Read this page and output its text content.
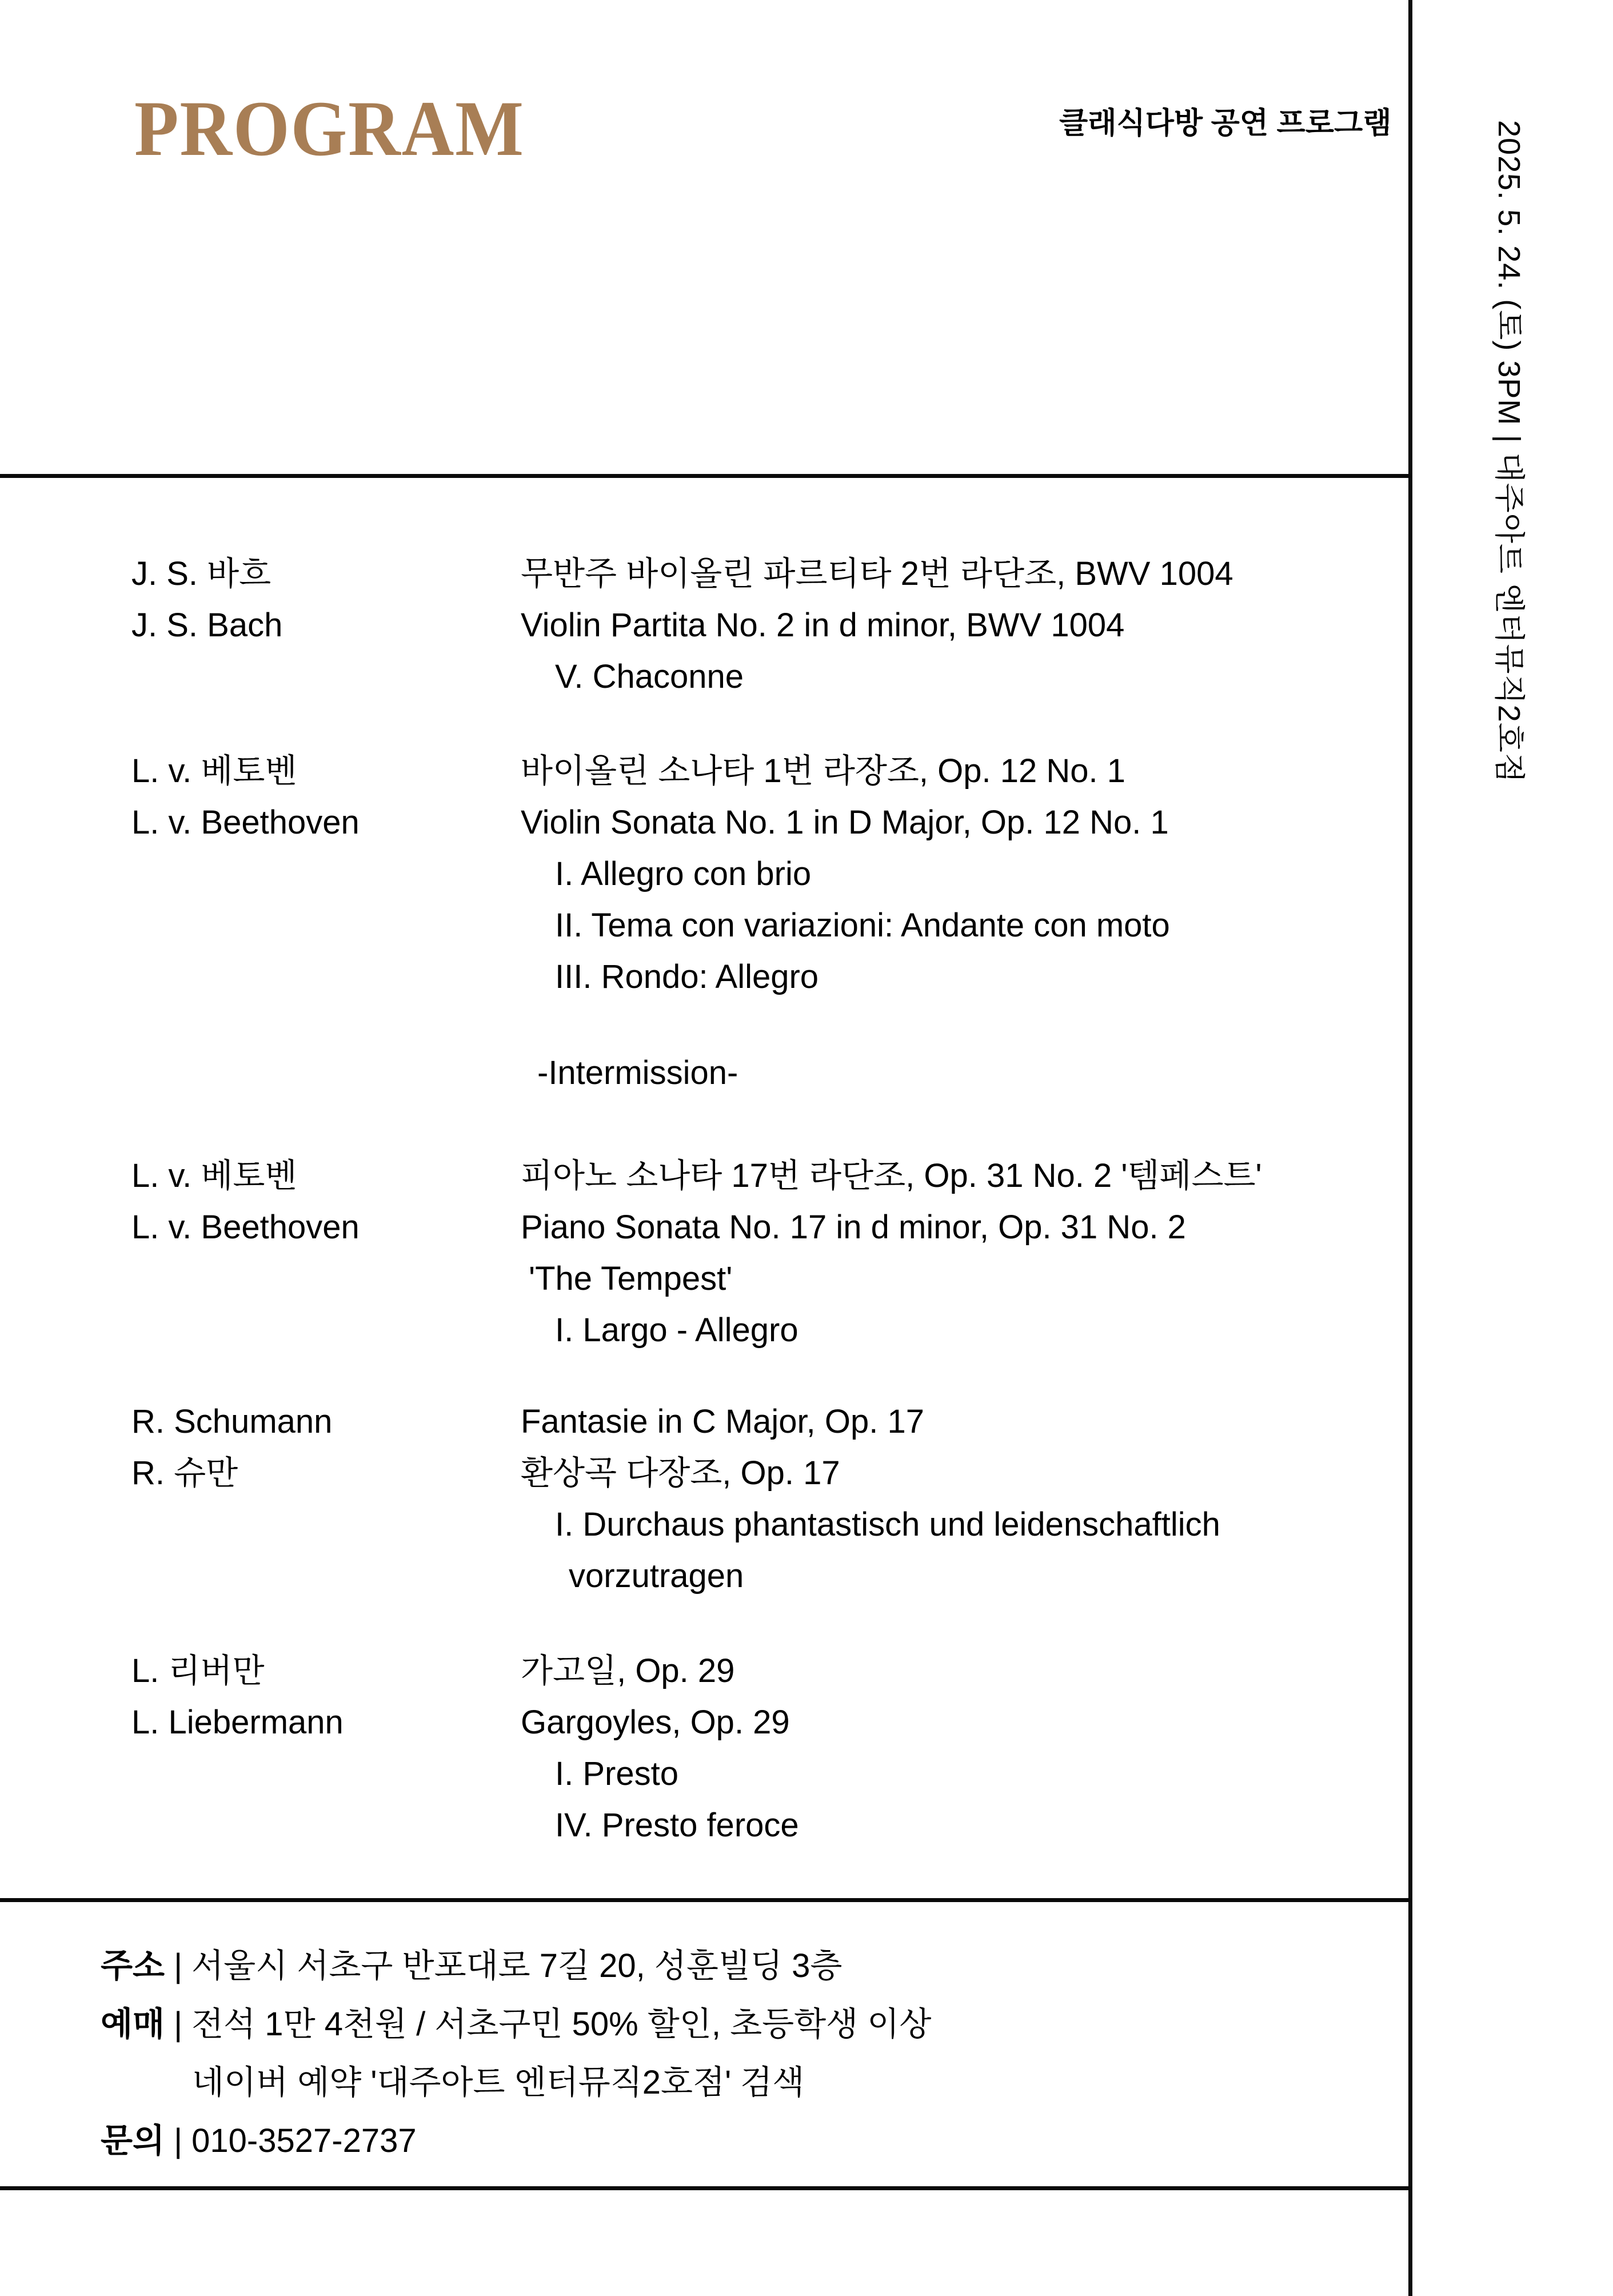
PROGRAM	클래식다방 공연 프로그램	2025. 5. 24. (토) 3PM | 대주아트 엔터뮤직2호점
J. S. 바흐
J. S. Bach
무반주 바이올린 파르티타 2번 라단조, BWV 1004
Violin Partita No. 2 in d minor, BWV 1004
V. Chaconne
L. v. 베토벤
L. v. Beethoven
바이올린 소나타 1번 라장조, Op. 12 No. 1
Violin Sonata No. 1 in D Major, Op. 12 No. 1
I. Allegro con brio
II. Tema con variazioni: Andante con moto
III. Rondo: Allegro
-Intermission-
L. v. 베토벤
L. v. Beethoven
피아노 소나타 17번 라단조, Op. 31 No. 2 '템페스트'
Piano Sonata No. 17 in d minor, Op. 31 No. 2
'The Tempest'
I. Largo - Allegro
R. Schumann
R. 슈만
Fantasie in C Major, Op. 17
환상곡 다장조, Op. 17
I. Durchaus phantastisch und leidenschaftlich
vorzutragen
L. 리버만
L. Liebermann
가고일, Op. 29
Gargoyles, Op. 29
I. Presto
IV. Presto feroce
주소 | 서울시 서초구 반포대로 7길 20, 성훈빌딩 3층
예매 | 전석 1만 4천원 / 서초구민 50% 할인, 초등학생 이상
네이버 예약 '대주아트 엔터뮤직2호점' 검색
문의 | 010-3527-2737
